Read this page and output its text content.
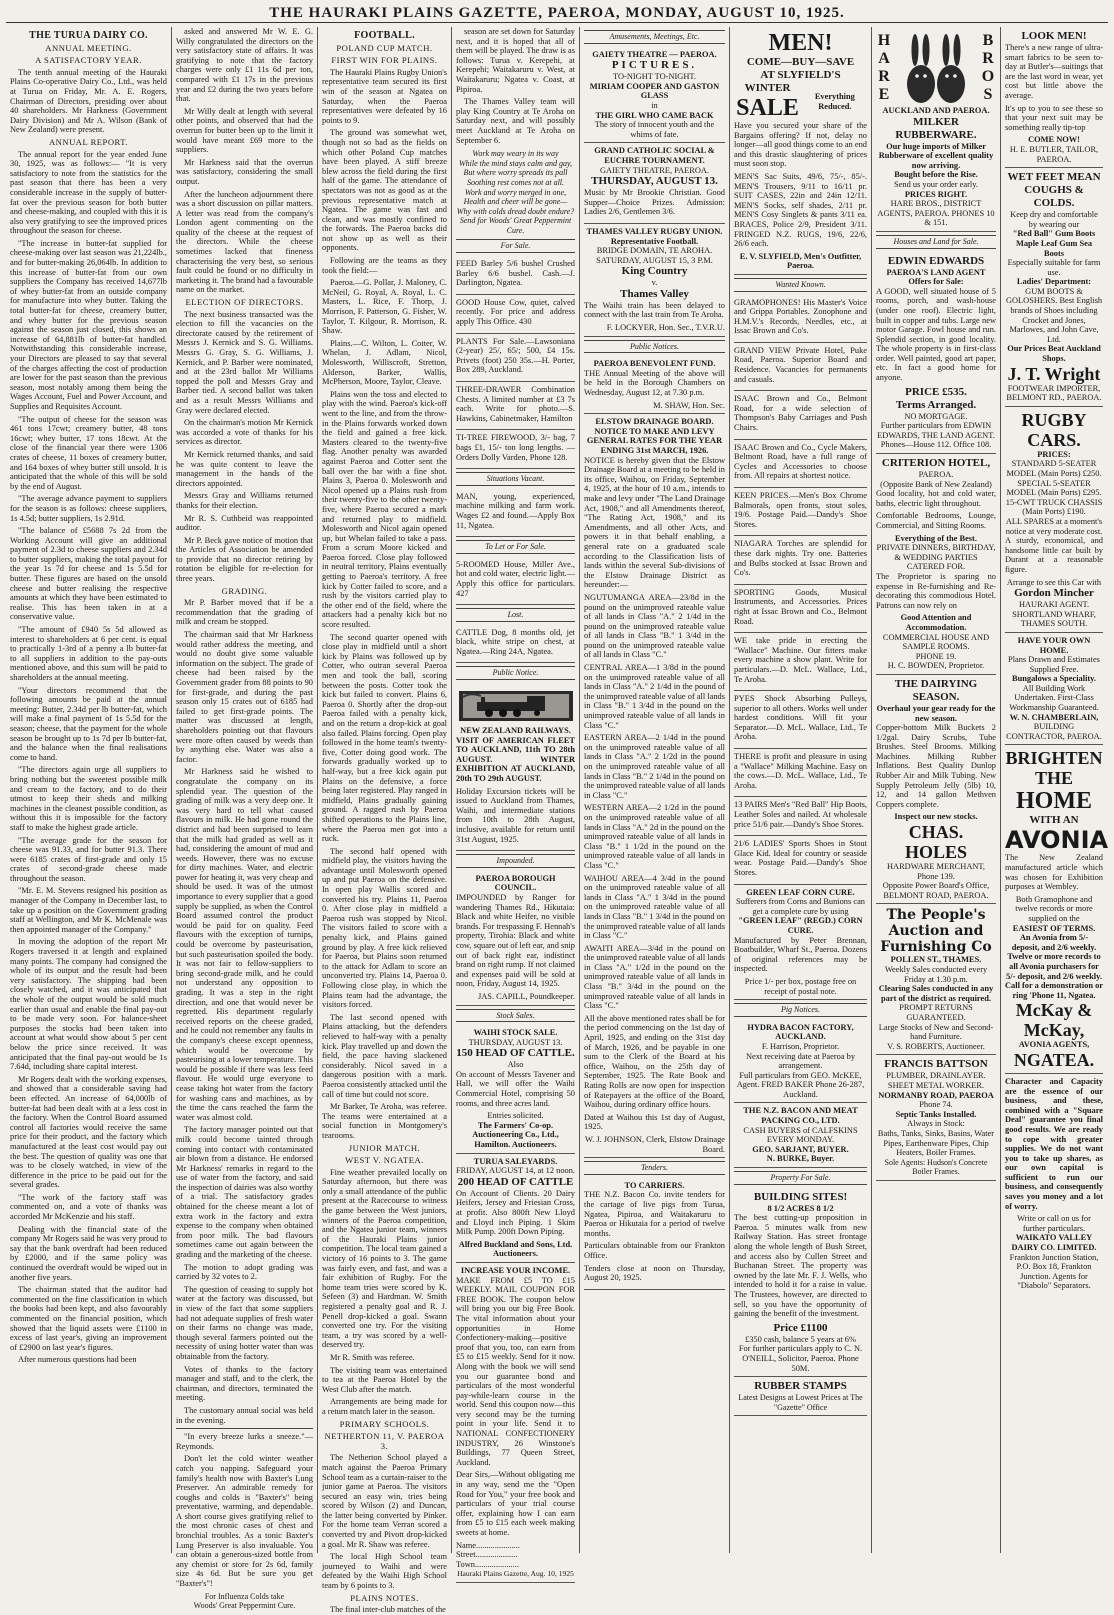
THE HAURAKI PLAINS GAZETTE, PAEROA, MONDAY, AUGUST 10, 1925.
THE TURUA DAIRY CO.
ANNUAL MEETING.
A SATISFACTORY YEAR.

The tenth annual meeting of the Hauraki Plains Co-operative Dairy Co., Ltd., was held at Turua on Friday, Mr. A. E. Rogers, Chairman of Directors, presiding over about 40 shareholders. Mr Harkness (Government Dairy Division) and Mr A. Wilson (Bank of New Zealand) were present.

ANNUAL REPORT.

The annual report for the year ended June 30, 1925, was as follows:— "It is very satisfactory to note from the statistics for the past season that there has been a very considerable increase in the supply of butter-fat over the previous season for both butter and cheese-making, and coupled with this it is also very gratifying to see the improved prices throughout the season for cheese.

"The increase in butter-fat supplied for cheese-making over last season was 21,224lb., and for butter-making 26,064lb. In addition to this increase of butter-fat from our own suppliers the Company has received 14,677lb of whey butter-fat from an outside company for manufacture into whey butter. Taking the total butter-fat for cheese, creamery butter, and whey butter for the previous season against the season just closed, this shows an increase of 64,881lb of butter-fat handled. Notwithstanding this considerable increase, your Directors are pleased to say that several of the charges affecting the cost of production are lower for the past season than the previous season, most notably among them being the Wages Account, Fuel and Power Account, and Supplies and Requisites Account.

"The output of cheese for the season was 461 tons 17cwt; creamery butter, 48 tons 16cwt; whey butter, 17 tons 18cwt. At the close of the financial year there were 1306 crates of cheese, 11 boxes of creamery butter, and 164 boxes of whey butter still unsold. It is anticipated that the whole of this will be sold by the end of August.

"The average advance payment to suppliers for the season is as follows: cheese suppliers, 1s 4.5d; butter suppliers, 1s 2.91d.

"The balance of £5688 7s 2d from the Working Account will give an additional payment of 2.3d to cheese suppliers and 2.34d to butter suppliers, making the total payout for the year 1s 7d for cheese and 1s 5.5d for butter. These figures are based on the unsold cheese and butter realising the respective amounts at which they have been estimated to realise. This has been taken in at a conservative value.

"The amount of £940 5s 5d allowed as interest to shareholders at 6 per cent. is equal to practically 1-3rd of a penny a lb butter-fat to all suppliers in addition to the pay-outs mentioned above, and this sum will be paid to shareholders at the annual meeting.

"Your directors recommend that the following amounts be paid at the annual meeting: Butter, 2.34d per lb butter-fat, which will make a final payment of 1s 5.5d for the season; cheese, that the payment for the whole season be brought up to 1s 7d per lb butter-fat, and the balance when the final realisations come to hand.

"The directors again urge all suppliers to bring nothing but the sweetest possible milk and cream to the factory, and to do their utmost to keep their sheds and milking machines in the cleanest possible condition, as without this it is impossible for the factory staff to make the highest grade article.

"The average grade for the season for cheese was 91.33, and for butter 91.3. There were 6185 crates of first-grade and only 15 crates of second-grade cheese made throughout the season.

"Mr. E. M. Stevens resigned his position as manager of the Company in December last, to take up a position on the Government grading staff at Wellington, and Mr K. McMenale was then appointed manager of the Company."

In moving the adoption of the report Mr Rogers traversed it at length and explained many points. The company had consigned the whole of its output and the result had been very satisfactory. The shipping had been closely watched, and it was anticipated that the whole of the output would be sold much earlier than usual and enable the final pay-out to be made very soon. For balance-sheet purposes the stocks had been taken into account at what would show about 5 per cent below the price since received. It was anticipated that the final pay-out would be 1s 7.64d, including share capital interest.

Mr Rogers dealt with the working expenses, and showed that a considerable saving had been effected. An increase of 64,000lb of butter-fat had been dealt with at a less cost in the factory. When the Control Board assumed control all factories would receive the same price for their product, and the factory which manufactured at the least cost would pay out the best. The question of quality was one that was to be closely watched, in view of the difference in the price to be paid out for the several grades.

"The work of the factory staff was commented on, and a vote of thanks was accorded Mr McKenzie and his staff.

Dealing with the financial state of the company Mr Rogers said he was very proud to say that the bank overdraft had been reduced by £2000, and if the same policy was continued the overdraft would be wiped out in another five years.

The chairman stated that the auditor had commented on the fine classification in which the books had been kept, and also favourably commented on the financial position, which showed that the liquid assets were £1100 in excess of last year's, giving an improvement of £2900 on last year's figures.

After numerous questions had been

asked and answered Mr W. E. G. Willy congratulated the directors on the very satisfactory state of affairs. It was gratifying to note that the factory charges were only £1 11s 6d per ton, compared with £1 17s in the previous year and £2 during the two years before that.

Mr Willy dealt at length with several other points, and observed that had the overrun for butter been up to the limit it would have meant £69 more to the suppliers.

Mr Harkness said that the overrun was satisfactory, considering the small output.

After the luncheon adjournment there was a short discussion on pillar matters. A letter was read from the company's London agent commenting on the quality of the cheese at the request of the directors. While the cheese sometimes lacked that fineness characterising the very best, so serious fault could be found or no difficulty in marketing it. The brand had a favourable name on the market.

ELECTION OF DIRECTORS.

The next business transacted was the election to fill the vacancies on the directorate caused by the retirement of Messrs J. Kernick and S. G. Williams. Messrs G. Gray, S. G. Williams, J. Kernick, and P. Barber were nominated, and at the 23rd ballot Mr Williams topped the poll and Messrs Gray and Barber tied. A second ballot was taken and as a result Messrs Williams and Gray were declared elected.

On the chairman's motion Mr Kernick was accorded a vote of thanks for his services as director.

Mr Kernick returned thanks, and said he was quite content to leave the management in the hands of the directors appointed.

Messrs Gray and Williams returned thanks for their election.

Mr R. S. Cuthbeid was reappointed auditor.

Mr P. Beck gave notice of motion that the Articles of Association be amended to provide that no director retiring by rotation be eligible for re-election for three years.

GRADING.

Mr P. Barber moved that if be a recommendation that the grading of milk and cream be stopped.

The chairman said that Mr Harkness would rather address the meeting, and would no doubt give some valuable information on the subject. The grade of cheese had been raised by the Government grader from 88 points to 90 for first-grade, and during the past season only 15 crates out of 6185 had failed to get first-grade points. The matter was discussed at length, shareholders pointing out that flavours were more often caused by weeds than by anything else. Water was also a factor.

Mr Harkness said he wished to congratulate the company on its splendid year. The question of the grading of milk was a very deep one. It was very hard to tell what caused flavours in milk. He had gone round the district and had been surprised to learn that the milk had graded as well as it had, considering the amount of mud and weeds. However, there was no excuse for dirty machines. Water, and electric power for heating it, was very cheap and should be used. It was of the utmost importance to every supplier that a good supply be supplied, as when the Control Board assumed control the product would be paid for on quality. Feed flavours with the exception of turnips, could be overcome by pasteurisation, but such pasteurisation spoiled the body. It was not fair to fellow-suppliers to bring second-grade milk, and he could not understand any opposition to grading. It was a step in the right direction, and one that would never be regretted. His department regularly received reports on the cheese graded, and he could not remember any faults in the company's cheese except openness, which would be overcome by pasteurising at a lower temperature. This would be possible if there was less feed flavour. He would urge everyone to cease taking hot water from the factory for washing cans and machines, as by the time the cans reached the farm the water was almost cold.

The factory manager pointed out that milk could become tainted through coming into contact with contaminated air blown from a distance. He endorsed Mr Harkness' remarks in regard to the use of water from the factory, and said the inspection of dairies was also worthy of a trial. The satisfactory grades obtained for the cheese meant a lot of extra work in the factory and extra expense to the company when obtained from poor milk. The bad flavours sometimes came out again between the grading and the marketing of the cheese.

The motion to adopt grading was carried by 32 votes to 2.

The question of ceasing to supply hot water at the factory was discussed, but in view of the fact that some suppliers had not adequate supplies of fresh water on their farms no change was made, though several farmers pointed out the necessity of using hotter water than was obtainable from the factory.

Votes of thanks to the factory manager and staff, and to the clerk, the chairman, and directors, terminated the meeting.

The customary annual social was held in the evening.

"In every breeze lurks a sneeze."—Reymonds.

Don't let the cold winter weather catch you napping. Safeguard your family's health now with Baxter's Lung Preserver. An admirable remedy for coughs and colds is "Baxter's" being preventative, warming, and dependable. A short course gives gratifying relief to the most chronic cases of chest and bronchial troubles. As a tonic Baxter's Lung Preserver is also invaluable. You can obtain a generous-sized bottle from any chemist or store for 2s 6d, family size 4s 6d. But be sure you get "Baxter's"!

For Influenza Colds take
Woods' Great Peppermint Cure.
FOOTBALL.
POLAND CUP MATCH.
FIRST WIN FOR PLAINS.

The Hauraki Plains Rugby Union's representative team secured its first win of the season at Ngatea on Saturday, when the Paeroa representatives were defeated by 16 points to 9.

The ground was somewhat wet, though not so bad as the fields on which other Poland Cup matches have been played. A stiff breeze blew across the field during the first half of the game. The attendance of spectators was not as good as at the previous representative match at Ngatea. The game was fast and clean, and was mostly confined to the forwards. The Paeroa backs did not show up as well as their opponents.

Following are the teams as they took the field:—

Paeroa.—G. Pollar, J. Maloney, C. McNeil, G. Royal, A. Royal, L. C. Masters, L. Rice, F. Thorp, J. Morrison, F. Patterson, G. Fisher, W. Taylor, T. Kilgour, R. Morrison, R. Shaw.

Plains.—C. Wilton, L. Cotter, W. Whelan, J. Adlam, Nicol, Molesworth, Williscroft, Stretton, Alderson, Barker, Wallis, McPherson, Moore, Taylor, Cleave.

Plains won the toss and elected to play with the wind. Paeroa's kick-off went to the line, and from the throw-in the Plains forwards worked down the field and gained a free kick. Masters cleared to the twenty-five flag. Another penalty was awarded against Paeroa and Cotter sent the ball over the bar with a fine shot. Plains 3, Paeroa 0. Molesworth and Nicol opened up a Plains rush from their twenty-five to the other twenty-five, where Paeroa secured a mark and returned play to midfield. Molesworth and Nicol again opened up, but Whelan failed to take a pass. From a scrum Moore kicked and Paeroa forced. Close play followed in neutral territory, Plains eventually getting to Paeroa's territory. A free kick by Cotter failed to score, and a rush by the visitors carried play to the other end of the field, where the attackers had a penalty kick but no score resulted.

The second quarter opened with close play in midfield until a short kick by Plains was followed up by Cotter, who outran several Paeroa men and took the ball, scoring between the posts. Cotter took the kick but failed to convert. Plains 6, Paeroa 0. Shortly after the drop-out Paeroa failed with a penalty kick, and on the return a drop-kick at goal also failed. Plains forcing. Open play followed in the home team's twenty-five, Cotter doing good work. The forwards gradually worked up to half-way, but a free kick again put Plains on the defensive, a force being later registered. Play ranged in midfield, Plains gradually gaining ground. A ragged rush by Paeroa shifted operations to the Plains line, where the Paeroa men got into a ruck.

The second half opened with midfield play, the visitors having the advantage until Molesworth opened up and put Paeroa on the defensive. In open play Wallis scored and converted his try. Plains 11, Paeroa 0. After close play in midfield a Paeroa rush was stopped by Nicol. The visitors failed to score with a penalty kick, and Plains gained ground by play. A free kick relieved for Paeroa, but Plains soon returned to the attack for Adlam to score an unconverted try. Plains 14, Paeroa 0. Following close play, in which the Plains team had the advantage, the visitors forced.

The last second opened with Plains attacking, but the defenders relieved to half-way with a penalty kick. Play travelled up and down the field, the pace having slackened considerably. Nicol saved in a dangerous position with a mark. Paeroa consistently attacked until the call of time but could not score.

Mr Barker, Te Aroha, was referee. The teams were entertained at a social function in Montgomery's tearooms.

JUNIOR MATCH.
WEST V. NGATEA.

Fine weather prevailed locally on Saturday afternoon, but there was only a small attendance of the public present at the Racecourse to witness the game between the West juniors, winners of the Paeroa competition, and the Ngatea junior team, winners of the Hauraki Plains junior competition. The local team gained a victory of 16 points to 3. The game was fairly even, and fast, and was a fair exhibition of Rugby. For the home team tries were scored by K. Sefeen (3) and Hardman. W. Smith registered a penalty goal and R. J. Penell drop-kicked a goal. Swann converted one try. For the visiting team, a try was scored by a well-deserved try.

Mr R. Smith was referee.

The visiting team was entertained to tea at the Paeroa Hotel by the West Club after the match.

Arrangements are being made for a return match later in the season.

PRIMARY SCHOOLS.
NETHERTON 11, V. PAEROA 3.

The Netherton School played a match against the Paeroa Primary School team as a curtain-raiser to the junior game at Paeroa. The visitors secured an easy win, tries being scored by Wilson (2) and Duncan, the latter being converted by Pinker. For the home team Verran scored a converted try and Pivott drop-kicked a goal. Mr R. Shaw was referee.

The local High School team journeyed to Waihi and were defeated by the Waihi High School team by 6 points to 3.

PLAINS NOTES.

The final inter-club matches of the

season are set down for Saturday next, and it is hoped that all of them will be played. The draw is as follows: Turua v. Kerepehi, at Kerepehi; Waitakaruru v. West, at Waitakaruru; Ngatea v. Coast, at Pipiroa.

The Thames Valley team will play King Country at Te Aroha on Saturday next, and will possibly meet Auckland at Te Aroha on September 6.

Work may weary in its way
While the mind stays calm and gay,
But where worry spreads its pall
Soothing rest comes not at all.
Work and worry merged in one,
Health and cheer will be gone—
Why with colds dread doubt endure?
Send for Woods' Great Peppermint Cure.
For Sale.

FEED Barley 5/6 bushel Crushed Barley 6/6 bushel. Cash.—J. Darlington, Ngatea.

GOOD House Cow, quiet, calved recently. For price and address apply This Office. 430

PLANTS For Sale.—Lawsoniana (2-year) 25/, 65/; 500, £4 15s. Privets (foot) 250 35s.—H. Porter, Box 289, Auckland.

THREE-DRAWER Combination Chests. A limited number at £3 7s each. Write for photo.—S. Hawkins, Cabinetmaker, Hamilton

TI-TREE FIREWOOD, 3/- bag, 7 bags £1, 15/- ton long lengths. —Orders Dolly Varden, Phone 128.

Situations Vacant.

MAN, young, experienced, machine milking and farm work. Wages £2 and found.—Apply Box 11, Ngatea.

To Let or For Sale.

5-ROOMED House, Miller Ave., hot and cold water, electric light.—Apply this office for particulars. 427

Lost.

CATTLE Dog, 8 months old, jet black, white stripe on chest, at Ngatea.—Ring 24A, Ngatea.

Public Notice.
NEW ZEALAND RAILWAYS.

VISIT OF AMERICAN FLEET TO AUCKLAND, 11th TO 28th AUGUST. WINTER EXHIBITION AT AUCKLAND, 20th TO 29th AUGUST.

Holiday Excursion tickets will be issued to Auckland from Thames, Waihi, and intermediate stations from 10th to 28th August, inclusive, available for return until 31st August, 1925.

Impounded.
PAEROA BOROUGH COUNCIL.

IMPOUNDED by Ranger for wandering Thames Rd., Hikutaia: Black and white Heifer, no visible brands. For trespassing F. Hennah's property, Tirohia: Black and white cow, square out of left ear, and snip out of back right ear, indistinct brand on right rump. If not claimed and expenses paid will be sold at noon, Friday, August 14, 1925.

JAS. CAPILL, Poundkeeper.
Stock Sales.
WAIHI STOCK SALE.
THURSDAY, AUGUST 13.
150 HEAD OF CATTLE.
Also

On account of Messrs Tavener and Hall, we will offer the Waihi Commercial Hotel, comprising 50 rooms, and three acres land.

Entries solicited.
The Farmers' Co-op. Auctioneering Co., Ltd., Hamilton. Auctioneers.
TURUA SALEYARDS.
FRIDAY, AUGUST 14, at 12 noon.
200 HEAD OF CATTLE

On Account of Clients. 20 Dairy Heifers, Jersey and Friesian Cross, at profit. Also 800ft New Lloyd and Lloyd inch Piping. 1 Skim Milk Pump. 200ft Down Piping.

Alfred Buckland and Sons, Ltd. Auctioneers.
INCREASE YOUR INCOME.

MAKE FROM £5 TO £15 WEEKLY. MAIL COUPON FOR FREE BOOK. The coupon below will bring you our big Free Book. The vital information about your opportunities in Home Confectionery-making—positive proof that you, too, can earn from £5 to £15 weekly. Send for it now. Along with the book we will send you our guarantee bond and particulars of the most wonderful pay-while-learn course in the world. Send this coupon now—this very second may be the turning point in your life. Send it to NATIONAL CONFECTIONERY INDUSTRY, 26 Winstone's Buildings, 77 Queen Street, Auckland.

Dear Sirs,—Without obligating me in any way, send me the "Open Road for You," your free book and particulars of your trial course offer, explaining how I can earn from £5 to £15 each week making sweets at home.

Name.....................
Street....................
Town.....................
Hauraki Plains Gazette, Aug. 10, 1925
Amusements, Meetings, Etc.
GAIETY THEATRE — PAEROA.
PICTURES.
TO-NIGHT TO-NIGHT.
MIRIAM COOPER AND GASTON GLASS
in
THE GIRL WHO CAME BACK
The story of innocent youth and the whims of fate.
GRAND CATHOLIC SOCIAL & EUCHRE TOURNAMENT.
GAIETY THEATRE, PAEROA.
THURSDAY, AUGUST 13.

Music by Mr Brookie Christian. Good Supper—Choice Prizes. Admission: Ladies 2/6, Gentlemen 3/6.

THAMES VALLEY RUGBY UNION.
Representative Football.
BRIDGE DOMAIN, TE AROHA.
SATURDAY, AUGUST 15, 3 P.M.
King Country
v.
Thames Valley

The Waihi train has been delayed to connect with the last train from Te Aroha.

F. LOCKYER, Hon. Sec., T.V.R.U.
Public Notices.
PAEROA BENEVOLENT FUND.

THE Annual Meeting of the above will be held in the Borough Chambers on Wednesday, August 12, at 7.30 p.m.

M. SHAW, Hon. Sec.
ELSTOW DRAINAGE BOARD.
NOTICE TO MAKE AND LEVY GENERAL RATES FOR THE YEAR ENDING 31st MARCH, 1926.

NOTICE is hereby given that the Elstow Drainage Board at a meeting to be held in its office, Waihou, on Friday, September 4, 1925, at the hour of 10 a.m., intends to make and levy under "The Land Drainage Act, 1908," and all Amendments thereof, "The Rating Act, 1908," and its Amendments, and all other Acts, and powers it in that behalf enabling, a general rate on a graduated scale according to the Classification lists of lands within the several Sub-divisions of the Elstow Drainage District as hereunder:—

NGUTUMANGA AREA—23/8d in the pound on the unimproved rateable value of all lands in Class "A." 2 1/4d in the pound on the unimproved rateable value of all lands in Class "B." 1 3/4d in the pound on the unimproved rateable value of all lands in Class "C."

CENTRAL AREA—1 3/8d in the pound on the unimproved rateable value of all lands in Class "A." 2 1/4d in the pound of the unimproved rateable value of all lands in Class "B." 1 3/4d in the pound on the unimproved rateable value of all lands in Class "C."

EASTERN AREA—2 1/4d in the pound on the unimproved rateable value of all lands in Class "A." 2 1/2d in the pound on the unimproved rateable value of all lands in Class "B." 2 1/4d in the pound on the unimproved rateable value of all lands in Class "C."

WESTERN AREA—2 1/2d in the pound on the unimproved rateable value of all lands in Class "A." 2d in the pound on the unimproved rateable value of all lands in Class "B." 1 1/2d in the pound on the unimproved rateable value of all lands in Class "C."

WAIHOU AREA—4 3/4d in the pound on the unimproved rateable value of all lands in Class "A." 1 3/4d in the pound on the unimproved rateable value of all lands in Class "B." 1 3/4d in the pound on the unimproved rateable value of all lands in Class "C."

AWAITI AREA—3/4d in the pound on the unimproved rateable value of all lands in Class "A." 1/2d in the pound on the unimproved rateable value of all lands in Class "B." 3/4d in the pound on the unimproved rateable value of all lands in Class "C."

All the above mentioned rates shall be for the period commencing on the 1st day of April, 1925, and ending on the 31st day of March, 1926, and be payable in one sum to the Clerk of the Board at his office, Waihou, on the 25th day of September, 1925. The Rate Book and Rating Rolls are now open for inspection of Ratepayers at the office of the Board, Waihou, during ordinary office hours.

Dated at Waihou this 1st day of August, 1925.

W. J. JOHNSON, Clerk, Elstow Drainage Board.
Tenders.
TO CARRIERS.

THE N.Z. Bacon Co. invite tenders for the cartage of live pigs from Turua, Ngatea, Pipiroa, and Waitakaruru to Paeroa or Hikutaia for a period of twelve months.

Particulars obtainable from our Frankton Office.

Tenders close at noon on Thursday, August 20, 1925.

MEN!
COME—BUY—SAVE
AT SLYFIELD'S
WINTER
SALE	Everything Reduced.

Have you secured your share of the Bargains offering? If not, delay no longer—all good things come to an end and this drastic slaughtering of prices must soon stop.

MEN'S Sac Suits, 49/6, 75/-, 85/-. MEN'S Trousers, 9/11 to 16/11 pr. SUIT CASES, 22in and 24in 12/11. MEN'S Socks, self shades, 2/11 pr. MEN'S Cosy Singlets & pants 3/11 ea. BRACES, Police 2/9, President 3/11. FRINGED N.Z. RUGS, 19/6, 22/6, 26/6 each.

E. V. SLYFIELD, Men's Outfitter, Paeroa.
Wanted Known.

GRAMOPHONES! His Master's Voice and Grippa Portables. Zonophone and H.M.V.'s Records, Needles, etc., at Issac Brown and Co's.

GRAND VIEW Private Hotel, Puke Road, Paeroa. Superior Board and Residence. Vacancies for permanents and casuals.

ISAAC Brown and Co., Belmont Road, for a wide selection of Thompson's Baby Carriages and Push Chairs.

ISAAC Brown and Co., Cycle Makers, Belmont Road, have a full range of Cycles and Accessories to choose from. All repairs at shortest notice.

KEEN PRICES.—Men's Box Chrome Balmorals, open fronts, stout soles, 19/6. Postage Paid.—Dandy's Shoe Stores.

NIAGARA Torches are splendid for these dark nights. Try one. Batteries and Bulbs stocked at Issac Brown and Co's.

SPORTING Goods, Musical Instruments, and Accessories. Prices right at Issac Brown and Co., Belmont Road.

WE take pride in erecting the "Wallace" Machine. Our fitters make every machine a show plant. Write for particulars.—D. McL. Wallace, Ltd., Te Aroha.

PYES Shock Absorbing Pulleys, superior to all others. Works well under hardest conditions. Will fit your Separator.—D. McL. Wallace, Ltd., Te Aroha.

THERE is profit and pleasure in using a "Wallace" Milking Machine. Easy on the cows.—D. McL. Wallace, Ltd., Te Aroha.

13 PAIRS Men's "Red Ball" Hip Boots, Leather Soles and nailed. At wholesale price 51/6 pair.—Dandy's Shoe Stores.

21/6 LADIES' Sports Shoes in Stout Glace Kid. Ideal for country or seaside wear. Postage Paid.—Dandy's Shoe Stores.

GREEN LEAF CORN CURE.
Sufferers from Corns and Bunions can get a complete cure by using
"GREEN LEAF" (REGD.) CORN CURE.

Manufactured by Peter Brennan, Boatbuilder, Wharf St., Paeroa. Dozens of original references may be inspected.

Price 1/- per box, postage free on receipt of postal note.
Pig Notices.
HYDRA BACON FACTORY, AUCKLAND.
F. Harrison, Proprietor.
Next receiving date at Paeroa by arrangement.
Full particulars from GEO. McKEE, Agent. FRED BAKER Phone 26-287, Auckland.
THE N.Z. BACON AND MEAT PACKING CO., LTD.
CASH BUYERS of CALFSKINS EVERY MONDAY.
GEO. SARJANT, BUYER.
N. BURKE, Buyer.
Property For Sale.
BUILDING SITES!
8 1/2 ACRES 8 1/2

The best cutting-up proposition in Paeroa. 5 minutes walk from new Railway Station. Has street frontage along the whole length of Bush Street, and access also by Cullen Street and Buchanan Street. The property was owned by the late Mr. F. J. Wells, who intended to hold it for a raise in value. The Trustees, however, are directed to sell, so you have the opportunity of gaining the benefit of the investment.

Price £1100
£350 cash, balance 5 years at 6%
For further particulars apply to C. N. O'NEILL, Solicitor, Paeroa. Phone 50M.
RUBBER STAMPS
Latest Designs at Lowest Prices at The "Gazette" Office
HARE
BROS
AUCKLAND AND PAEROA.
MILKER RUBBERWARE.
Our huge imports of Milker Rubberware of excellent quality now arriving.
Bought before the Rise.
Send us your order early.
PRICES RIGHT.
HARE BROS., DISTRICT AGENTS, PAEROA. PHONES 10 & 151.
Houses and Land for Sale.
EDWIN EDWARDS
PAEROA'S LAND AGENT
Offers for Sale:

A GOOD, well situated house of 5 rooms, porch, and wash-house (under one roof). Electric light, built in copper and tubs. Large new motor Garage. Fowl house and run. Splendid section, in good locality. The whole property is in first-class order. Well painted, good art paper, etc. In fact a good home for anyone.

PRICE £535.
Terms Arranged.
NO MORTGAGE.
Further particulars from EDWIN EDWARDS, THE LAND AGENT. Phones—House 112. Office 108.
CRITERION HOTEL,
PAEROA.
(Opposite Bank of New Zealand)

Good locality, hot and cold water, baths, electric light throughout.

Comfortable Bedrooms, Lounge, Commercial, and Sitting Rooms.

Everything of the Best.
PRIVATE DINNERS, BIRTHDAY, & WEDDING PARTIES CATERED FOR.

The Proprietor is sparing no expense in Re-furnishing and Re-decorating this commodious Hotel. Patrons can now rely on

Good Attention and Accommodation.
COMMERCIAL HOUSE AND SAMPLE ROOMS.
PHONE 19.
H. C. BOWDEN, Proprietor.
THE DAIRYING SEASON.
Overhaul your gear ready for the new season.

Copper-bottom Milk Buckets 2 1/2gal. Dairy Scrubs, Tube Brushes. Steel Brooms. Milking Machines. Milking Rubber Inflations. Best Quality Dunlop Rubber Air and Milk Tubing. New Supply Petroleum Jelly (5lb) 10, 12, and 14 gallon Methven Coppers complete.

Inspect our new stocks.
CHAS. HOLES
HARDWARE MERCHANT,
Phone 139.
Opposite Power Board's Office,
BELMONT ROAD, PAEROA.
The People's Auction and Furnishing Co
POLLEN ST., THAMES.
Weekly Sales conducted every Friday at 1.30 p.m.
Clearing Sales conducted in any part of the district as required.
PROMPT RETURNS GUARANTEED.
Large Stocks of New and Second-hand Furniture.
V. S. ROBERTS, Auctioneer.
FRANCIS BATTSON
PLUMBER, DRAINLAYER. SHEET METAL WORKER.
NORMANBY ROAD, PAEROA
Phone 74.
Septic Tanks Installed.
Always in Stock:
Baths, Tanks, Sinks, Basins, Water Pipes, Earthenware Pipes, Chip Heaters, Boiler Frames.
Sole Agents: Hudson's Concrete Boiler Frames.
LOOK MEN!

There's a new range of ultra-smart fabrics to be seen to-day at Butler's—suitings that are the last word in wear, yet cost but little above the average.

It's up to you to see these so that your next suit may be something really tip-top

COME NOW!
H. E. BUTLER, TAILOR, PAEROA.
WET FEET MEAN COUGHS & COLDS.
Keep dry and comfortable by wearing our
"Red Ball" Gum Boots Maple Leaf Gum Sea Boots
Especially suitable for farm use.
Ladies' Department:
GUM BOOTS & GOLOSHERS. Best English brands of Shoes including Crocket and Jones, Marlowes, and John Cave, Ltd.
Our Prices Beat Auckland Shops.
J. T. Wright
FOOTWEAR IMPORTER, BELMONT RD., PAEROA.
RUGBY CARS.
PRICES:
STANDARD 5-SEATER MODEL (Main Ports) £250. SPECIAL 5-SEATER MODEL (Main Ports) £295. 15-CWT TRUCK CHASSIS (Main Ports) £190.
ALL SPARES at a moment's notice at very moderate cost.

A sturdy, economical, and handsome little car built by Durant at a reasonable figure.

Arrange to see this Car with
Gordon Mincher
HAURAKI AGENT. SHORTLAND WHARF, THAMES SOUTH.
HAVE YOUR OWN HOME.
Plans Drawn and Estimates Supplied Free.
Bungalows a Speciality.
All Building Work Undertaken. First-Class Workmanship Guaranteed.
W. N. CHAMBERLAIN,
BUILDING CONTRACTOR, PAEROA.
BRIGHTEN THE
HOME
WITH AN
AVONIA

The New Zealand manufactured article which was chosen for Exhibition purposes at Wembley.

Both Gramophone and twelve records or more supplied on the
EASIEST OF TERMS.
An Avonia from 5/- deposit, and 2/6 weekly.
Twelve or more records to all Avonia purchasers for 5/- deposit, and 2/6 weekly.
Call for a demonstration or ring 'Phone 11, Ngatea.
McKay & McKay,
AVONIA AGENTS,
NGATEA.

Character and Capacity are the essence of our business, and these, combined with a "Square Deal" guarantee you final good results. We are ready to cope with greater supplies. We do not want you to take up shares, as our own capital is sufficient to run our business, and consequently saves you money and a lot of worry.

Write or call on us for further particulars.
WAIKATO VALLEY DAIRY CO. LIMITED.
Frankton Junction Station, P.O. Box 18, Frankton Junction. Agents for "Diabolo" Separators.
